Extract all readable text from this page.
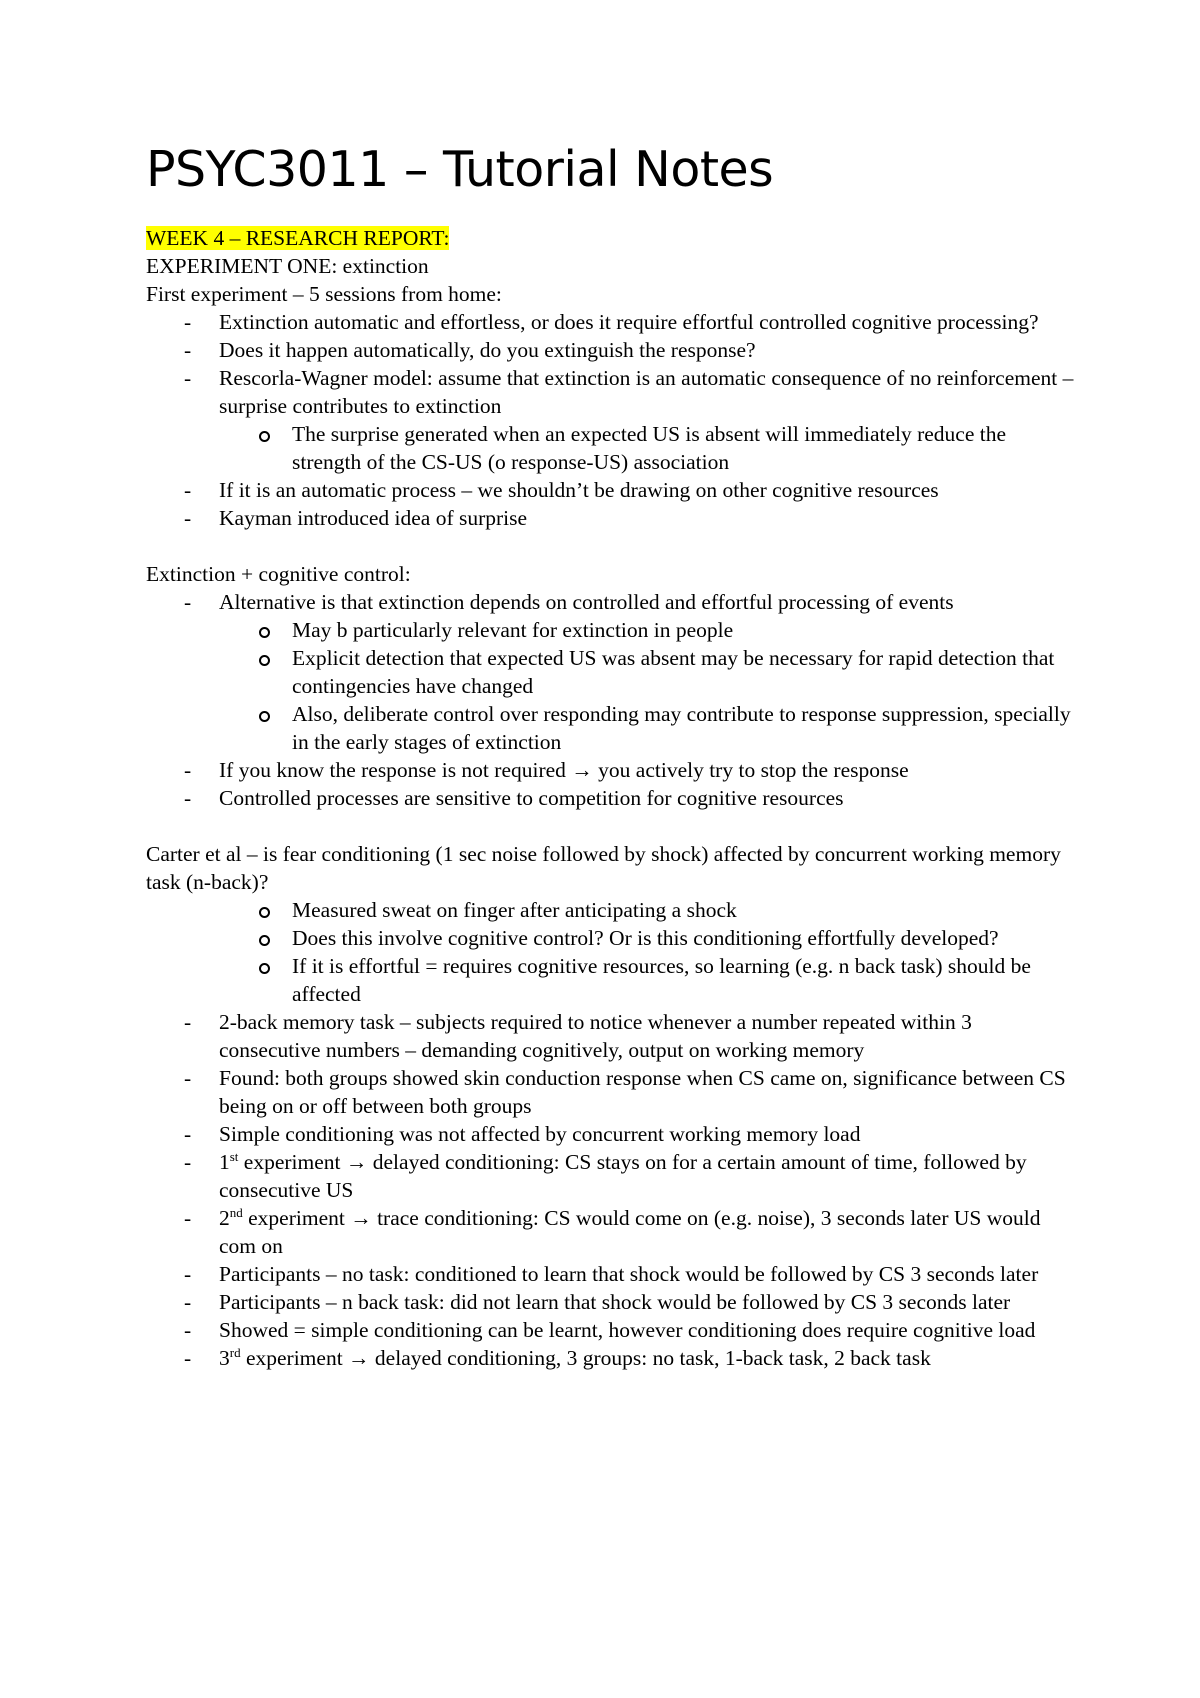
PSYC3011 – Tutorial Notes

WEEK 4 – RESEARCH REPORT:

EXPERIMENT ONE: extinction

First experiment – 5 sessions from home:

- Extinction automatic and effortless, or does it require effortful controlled cognitive processing?
- Does it happen automatically, do you extinguish the response?
- Rescorla-Wagner model: assume that extinction is an automatic consequence of no reinforcement – surprise contributes to extinction
The surprise generated when an expected US is absent will immediately reduce the strength of the CS-US (o response-US) association
- If it is an automatic process – we shouldn’t be drawing on other cognitive resources
- Kayman introduced idea of surprise

Extinction + cognitive control:

- Alternative is that extinction depends on controlled and effortful processing of events
May b particularly relevant for extinction in people
Explicit detection that expected US was absent may be necessary for rapid detection that contingencies have changed
Also, deliberate control over responding may contribute to response suppression, specially in the early stages of extinction
- If you know the response is not required → you actively try to stop the response
- Controlled processes are sensitive to competition for cognitive resources

Carter et al – is fear conditioning (1 sec noise followed by shock) affected by concurrent working memory task (n-back)?

Measured sweat on finger after anticipating a shock
Does this involve cognitive control? Or is this conditioning effortfully developed?
If it is effortful = requires cognitive resources, so learning (e.g. n back task) should be affected
- 2-back memory task – subjects required to notice whenever a number repeated within 3 consecutive numbers – demanding cognitively, output on working memory
- Found: both groups showed skin conduction response when CS came on, significance between CS being on or off between both groups
- Simple conditioning was not affected by concurrent working memory load
- 1st experiment → delayed conditioning: CS stays on for a certain amount of time, followed by consecutive US
- 2nd experiment → trace conditioning: CS would come on (e.g. noise), 3 seconds later US would com on
- Participants – no task: conditioned to learn that shock would be followed by CS 3 seconds later
- Participants – n back task: did not learn that shock would be followed by CS 3 seconds later
- Showed = simple conditioning can be learnt, however conditioning does require cognitive load
- 3rd experiment → delayed conditioning, 3 groups: no task, 1-back task, 2 back task
